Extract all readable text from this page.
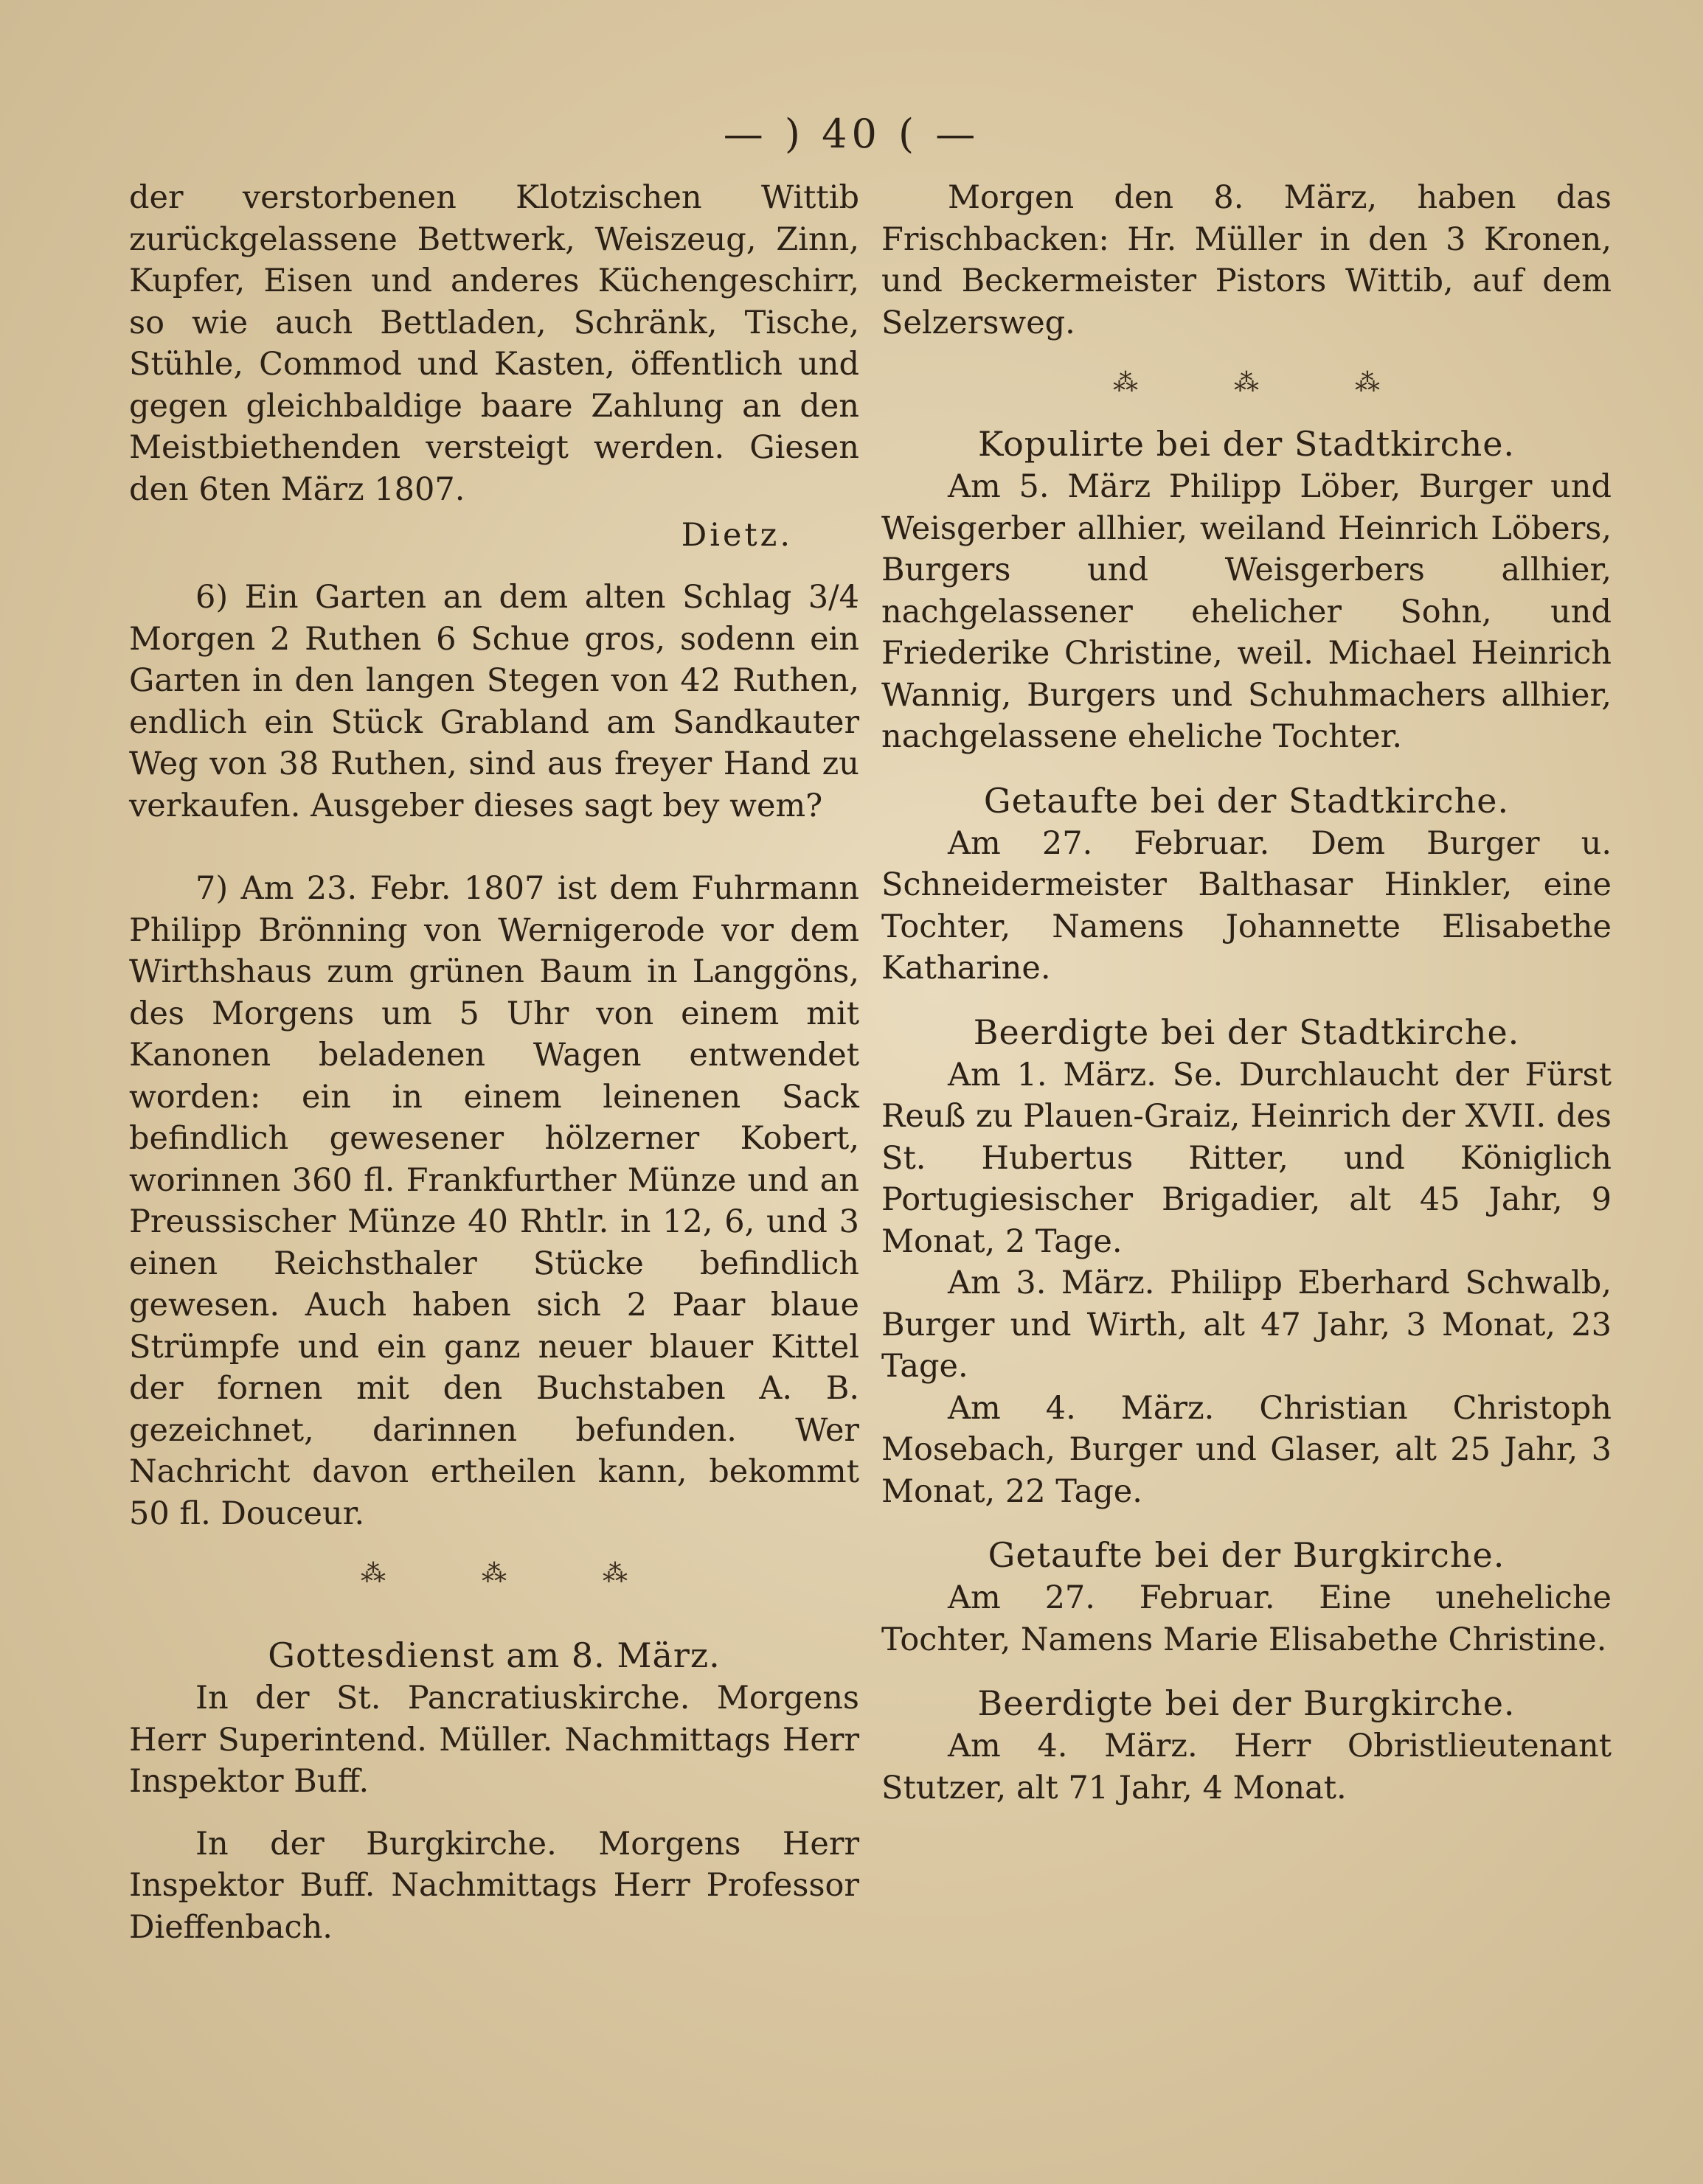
— ) 40 ( —

der verstorbenen Klotzischen Wittib zurückgelassene Bettwerk, Weiszeug, Zinn, Kupfer, Eisen und anderes Küchengeschirr, so wie auch Bettladen, Schränk, Tische, Stühle, Commod und Kasten, öffentlich und gegen gleichbaldige baare Zahlung an den Meistbiethenden versteigt werden. Giesen den 6ten März 1807.

Dietz.

6) Ein Garten an dem alten Schlag 3/4 Morgen 2 Ruthen 6 Schue gros, sodenn ein Garten in den langen Stegen von 42 Ruthen, endlich ein Stück Grabland am Sandkauter Weg von 38 Ruthen, sind aus freyer Hand zu verkaufen. Ausgeber dieses sagt bey wem?

7) Am 23. Febr. 1807 ist dem Fuhrmann Philipp Brönning von Wernigerode vor dem Wirthshaus zum grünen Baum in Langgöns, des Morgens um 5 Uhr von einem mit Kanonen beladenen Wagen entwendet worden: ein in einem leinenen Sack befindlich gewesener hölzerner Kobert, worinnen 360 fl. Frankfurther Münze und an Preussischer Münze 40 Rhtlr. in 12, 6, und 3 einen Reichsthaler Stücke befindlich gewesen. Auch haben sich 2 Paar blaue Strümpfe und ein ganz neuer blauer Kittel der fornen mit den Buchstaben A. B. gezeichnet, darinnen befunden. Wer Nachricht davon ertheilen kann, bekommt 50 fl. Douceur.

⁂	⁂	⁂

Gottesdienst am 8. März.

In der St. Pancratiuskirche. Morgens Herr Superintend. Müller. Nachmittags Herr Inspektor Buff.

In der Burgkirche. Morgens Herr Inspektor Buff. Nachmittags Herr Professor Dieffenbach.

Morgen den 8. März, haben das Frischbacken: Hr. Müller in den 3 Kronen, und Beckermeister Pistors Wittib, auf dem Selzersweg.

⁂	⁂	⁂

Kopulirte bei der Stadtkirche.

Am 5. März Philipp Löber, Burger und Weisgerber allhier, weiland Heinrich Löbers, Burgers und Weisgerbers allhier, nachgelassener ehelicher Sohn, und Friederike Christine, weil. Michael Heinrich Wannig, Burgers und Schuhmachers allhier, nachgelassene eheliche Tochter.

Getaufte bei der Stadtkirche.

Am 27. Februar. Dem Burger u. Schneidermeister Balthasar Hinkler, eine Tochter, Namens Johannette Elisabethe Katharine.

Beerdigte bei der Stadtkirche.

Am 1. März. Se. Durchlaucht der Fürst Reuß zu Plauen-Graiz, Heinrich der XVII. des St. Hubertus Ritter, und Königlich Portugiesischer Brigadier, alt 45 Jahr, 9 Monat, 2 Tage.

Am 3. März. Philipp Eberhard Schwalb, Burger und Wirth, alt 47 Jahr, 3 Monat, 23 Tage.

Am 4. März. Christian Christoph Mosebach, Burger und Glaser, alt 25 Jahr, 3 Monat, 22 Tage.

Getaufte bei der Burgkirche.

Am 27. Februar. Eine uneheliche Tochter, Namens Marie Elisabethe Christine.

Beerdigte bei der Burgkirche.

Am 4. März. Herr Obristlieutenant Stutzer, alt 71 Jahr, 4 Monat.
